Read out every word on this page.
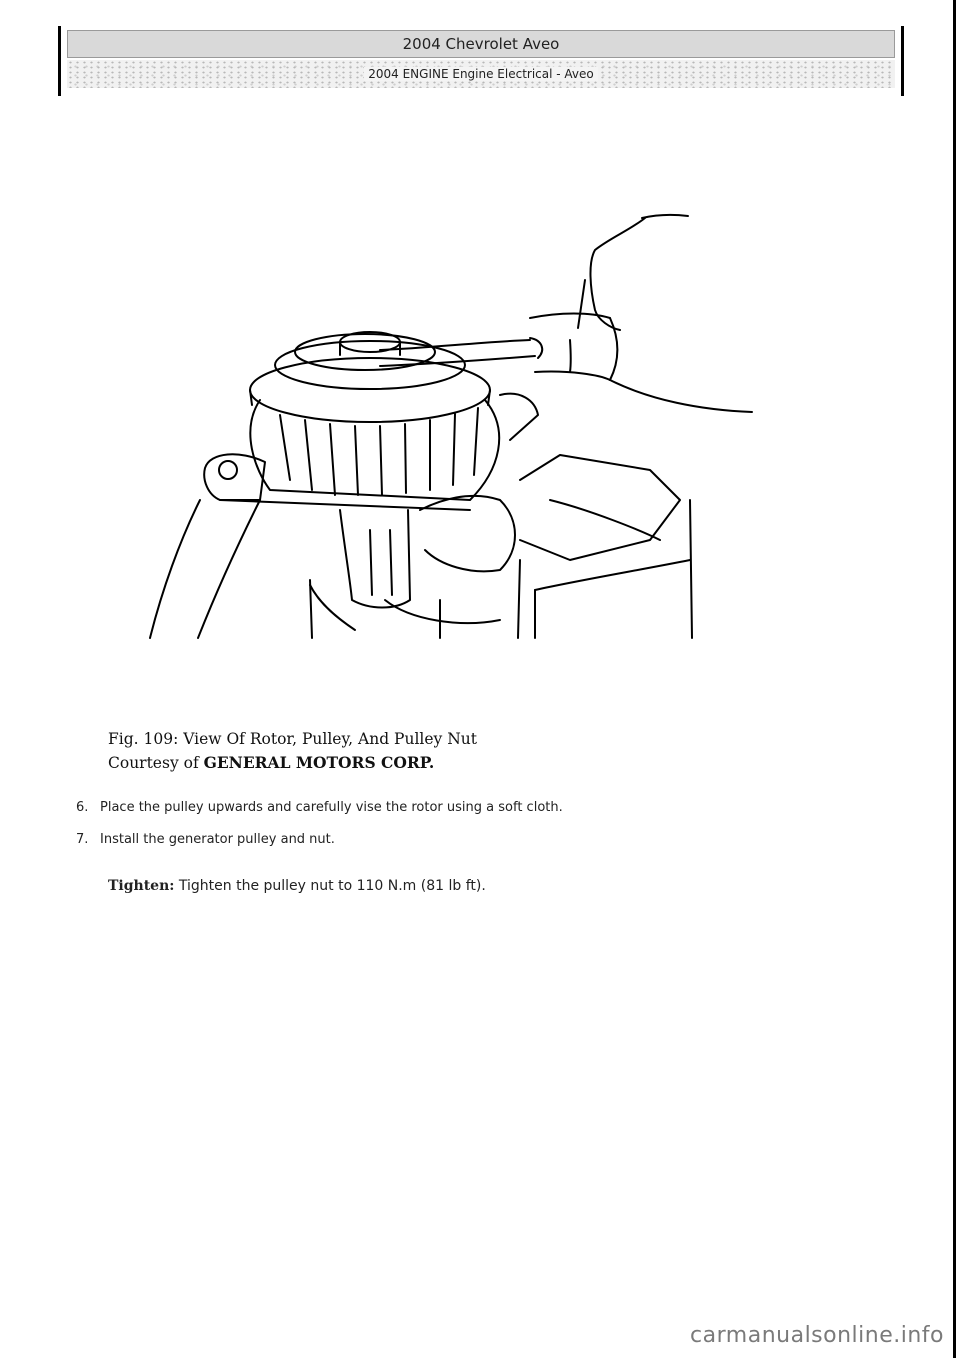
2004 Chevrolet Aveo
2004 ENGINE Engine Electrical - Aveo
Fig. 109: View Of Rotor, Pulley, And Pulley Nut
Courtesy of GENERAL MOTORS CORP.
6. Place the pulley upwards and carefully vise the rotor using a soft cloth.
7. Install the generator pulley and nut.
Tighten: Tighten the pulley nut to 110 N.m (81 lb ft).
carmanualsonline.info
